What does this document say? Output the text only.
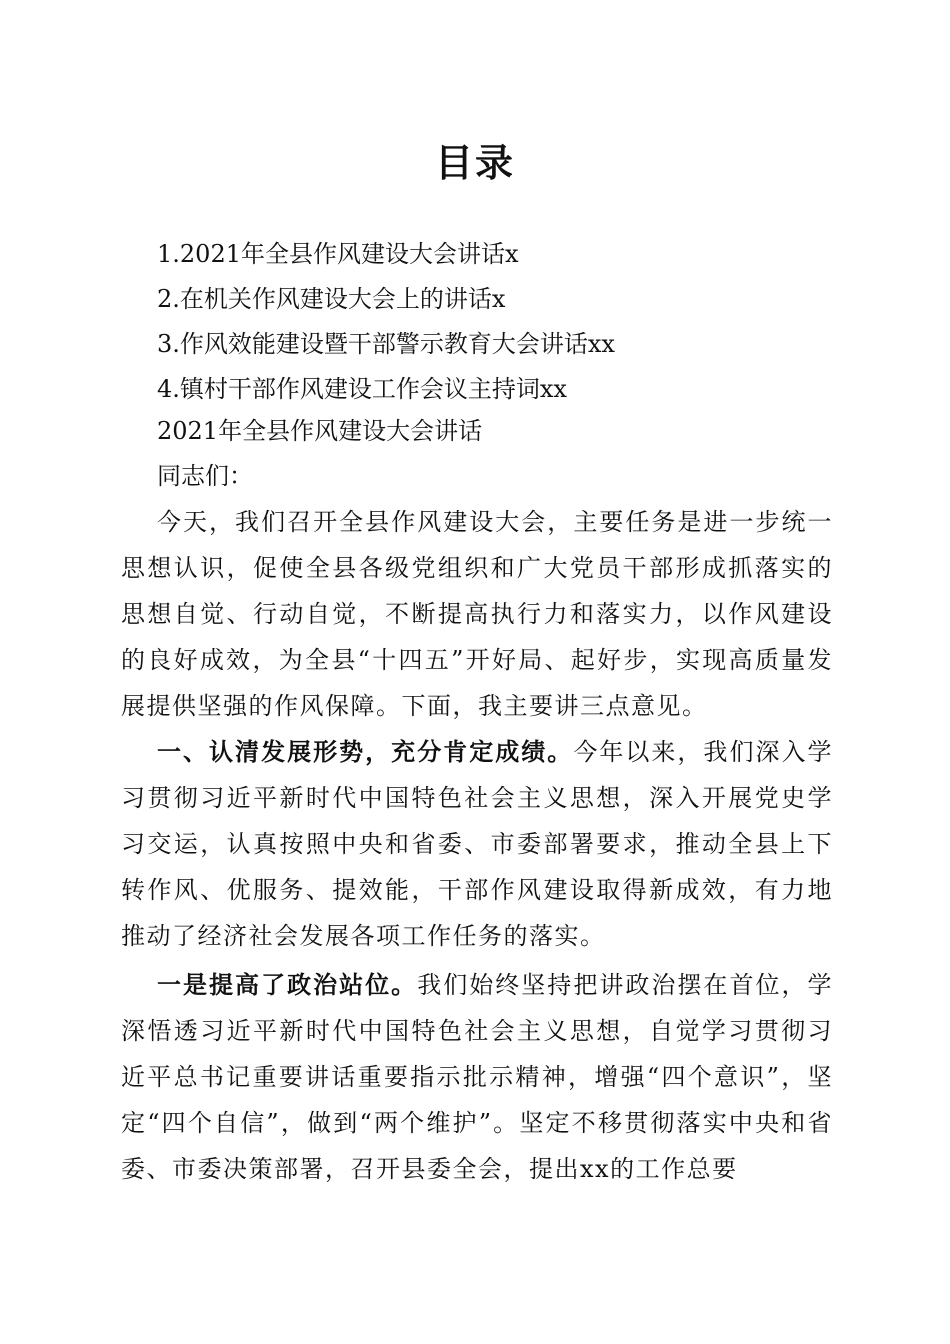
目录
1.2021年全县作风建设大会讲话x
2.在机关作风建设大会上的讲话x
3.作风效能建设暨干部警示教育大会讲话xx
4.镇村干部作风建设工作会议主持词xx
2021年全县作风建设大会讲话
同志们：
今天，我们召开全县作风建设大会，主要任务是进一步统一思想认识，促使全县各级党组织和广大党员干部形成抓落实的思想自觉、行动自觉，不断提高执行力和落实力，以作风建设的良好成效，为全县“十四五”开好局、起好步，实现高质量发展提供坚强的作风保障。下面，我主要讲三点意见。
一、认清发展形势，充分肯定成绩。今年以来，我们深入学习贯彻习近平新时代中国特色社会主义思想，深入开展党史学习交运，认真按照中央和省委、市委部署要求，推动全县上下转作风、优服务、提效能，干部作风建设取得新成效，有力地推动了经济社会发展各项工作任务的落实。
一是提高了政治站位。我们始终坚持把讲政治摆在首位，学深悟透习近平新时代中国特色社会主义思想，自觉学习贯彻习近平总书记重要讲话重要指示批示精神，增强“四个意识”，坚定“四个自信”，做到“两个维护”。坚定不移贯彻落实中央和省委、市委决策部署，召开县委全会，提出xx的工作总要
